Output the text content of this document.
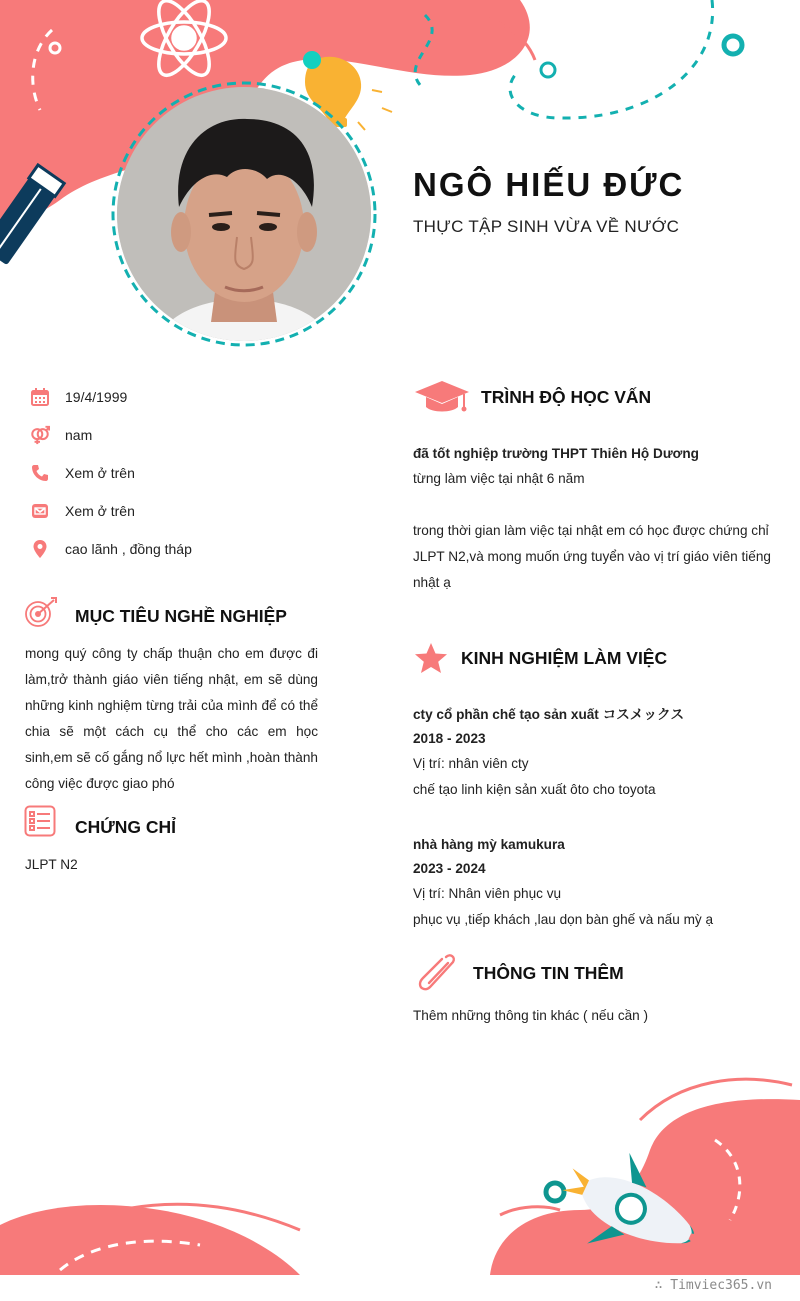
NGÔ HIẾU ĐỨC
THỰC TẬP SINH VỪA VỀ NƯỚC
19/4/1999
nam
Xem ở trên
Xem ở trên
cao lãnh , đồng tháp
MỤC TIÊU NGHỀ NGHIỆP
mong quý công ty chấp thuận cho em được đi làm,trở thành giáo viên tiếng nhật, em sẽ dùng những kinh nghiệm từng trải của mình để có thể chia sẽ một cách cụ thể cho các em học sinh,em sẽ cố gắng nổ lực hết mình ,hoàn thành công việc được giao phó
CHỨNG CHỈ
JLPT N2
TRÌNH ĐỘ HỌC VẤN
đã tốt nghiệp trường THPT Thiên Hộ Dương
từng làm việc tại nhật 6 năm
trong thời gian làm việc tại nhật em có học được chứng chỉ JLPT N2,và mong muốn ứng tuyển vào vị trí giáo viên tiếng nhật ạ
KINH NGHIỆM LÀM VIỆC
cty cổ phần chế tạo sản xuất コスメックス
2018 - 2023
Vị trí: nhân viên cty
chế tạo linh kiện sản xuất ôto cho toyota
nhà hàng mỳ kamukura
2023 - 2024
Vị trí: Nhân viên phục vụ
phục vụ ,tiếp khách ,lau dọn bàn ghế và nấu mỳ ạ
THÔNG TIN THÊM
Thêm những thông tin khác ( nếu cần )
∴ Timviec365.vn
